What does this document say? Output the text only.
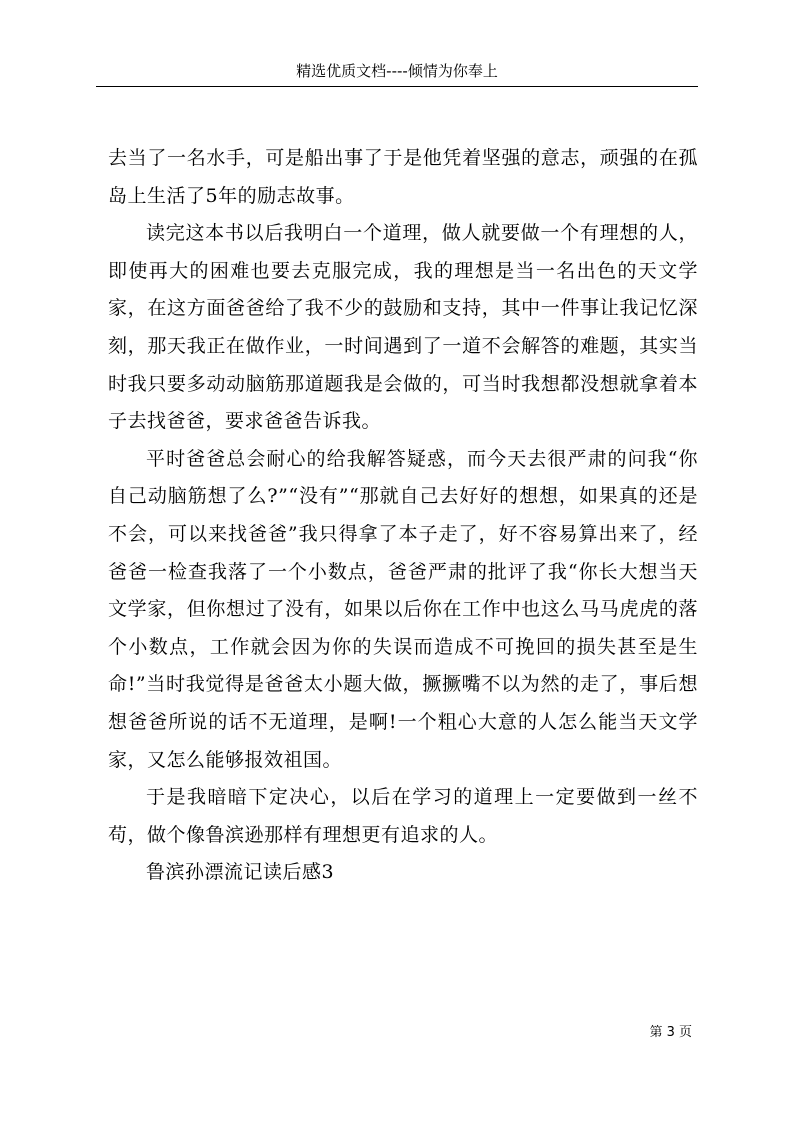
精选优质文档----倾情为你奉上

去当了一名水手，可是船出事了于是他凭着坚强的意志，顽强的在孤岛上生活了5年的励志故事。

读完这本书以后我明白一个道理，做人就要做一个有理想的人，即使再大的困难也要去克服完成，我的理想是当一名出色的天文学家，在这方面爸爸给了我不少的鼓励和支持，其中一件事让我记忆深刻，那天我正在做作业，一时间遇到了一道不会解答的难题，其实当时我只要多动动脑筋那道题我是会做的，可当时我想都没想就拿着本子去找爸爸，要求爸爸告诉我。

平时爸爸总会耐心的给我解答疑惑，而今天去很严肃的问我“你自己动脑筋想了么?”“没有”“那就自己去好好的想想，如果真的还是不会，可以来找爸爸”我只得拿了本子走了，好不容易算出来了，经爸爸一检查我落了一个小数点，爸爸严肃的批评了我“你长大想当天文学家，但你想过了没有，如果以后你在工作中也这么马马虎虎的落个小数点，工作就会因为你的失误而造成不可挽回的损失甚至是生命!”当时我觉得是爸爸太小题大做，撅撅嘴不以为然的走了，事后想想爸爸所说的话不无道理，是啊!一个粗心大意的人怎么能当天文学家，又怎么能够报效祖国。

于是我暗暗下定决心，以后在学习的道理上一定要做到一丝不苟，做个像鲁滨逊那样有理想更有追求的人。

鲁滨孙漂流记读后感3

第 3 页
